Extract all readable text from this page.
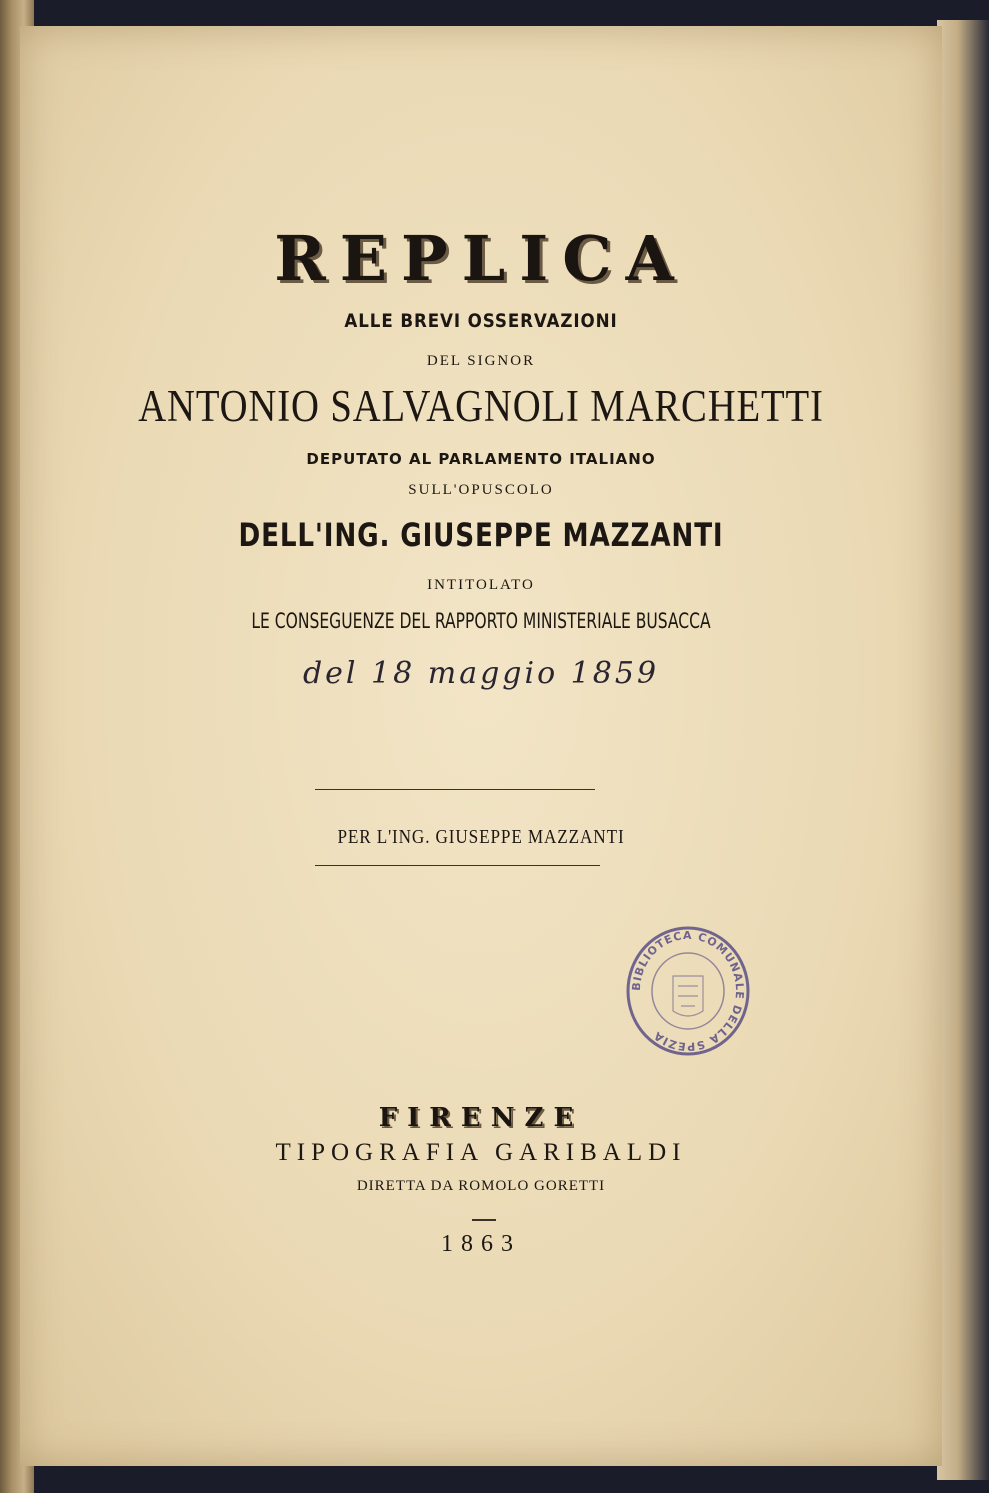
REPLICA
ALLE BREVI OSSERVAZIONI
DEL SIGNOR
ANTONIO SALVAGNOLI MARCHETTI
DEPUTATO AL PARLAMENTO ITALIANO
SULL'OPUSCOLO
DELL'ING. GIUSEPPE MAZZANTI
INTITOLATO
LE CONSEGUENZE DEL RAPPORTO MINISTERIALE BUSACCA
del 18 maggio 1859
PER L'ING. GIUSEPPE MAZZANTI
BIBLIOTECA COMUNALE DELLA SPEZIA
FIRENZE
TIPOGRAFIA GARIBALDI
DIRETTA DA ROMOLO GORETTI
1863
